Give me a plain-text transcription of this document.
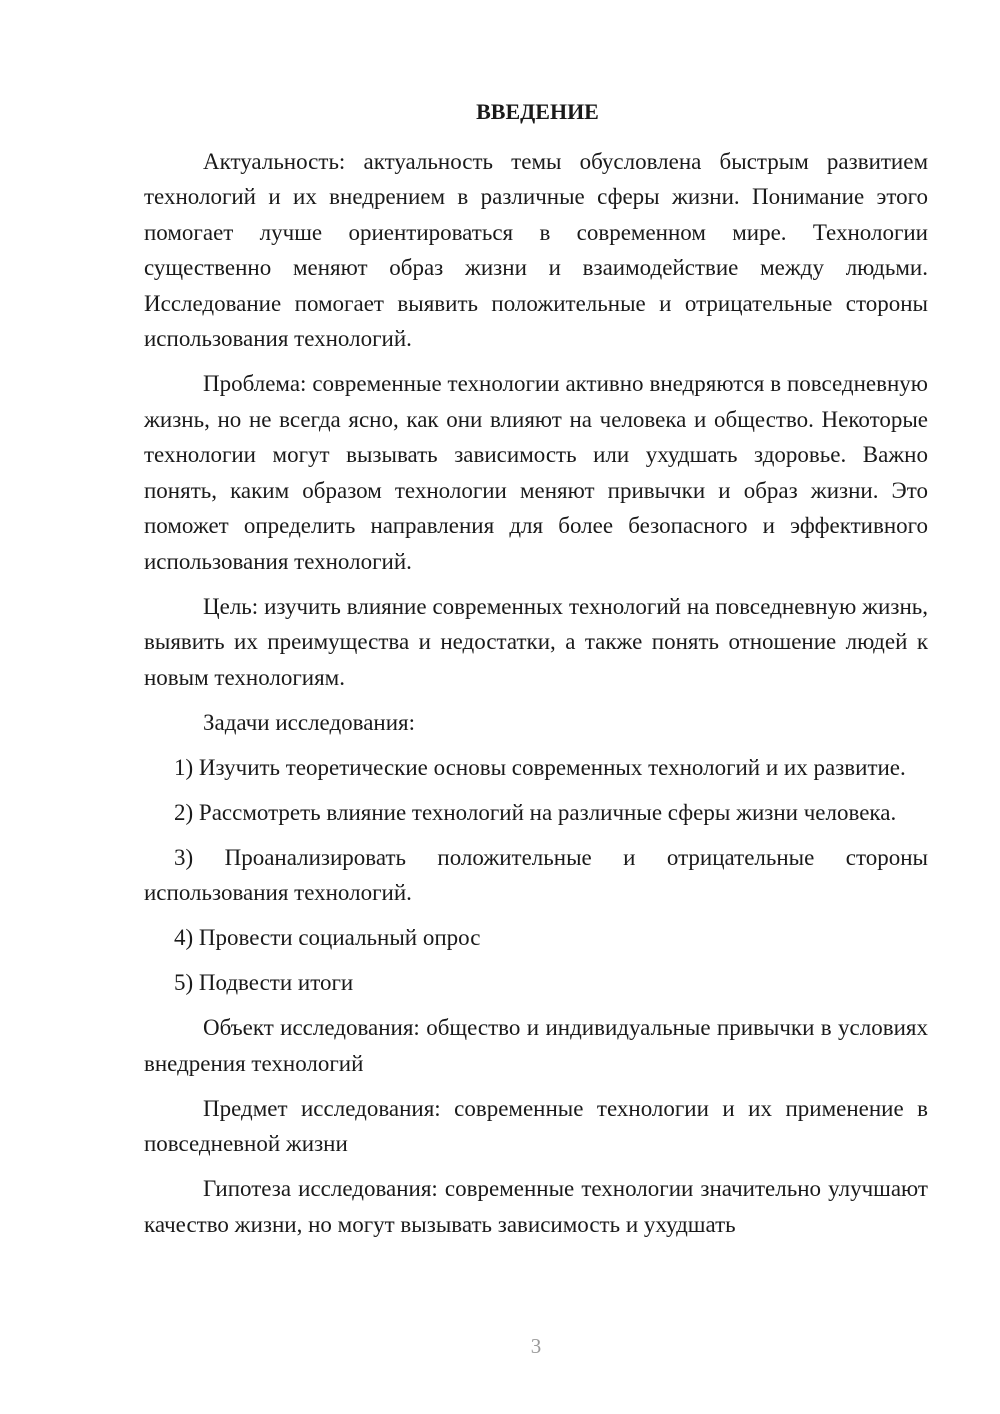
ВВЕДЕНИЕ

Актуальность: актуальность темы обусловлена быстрым развитием технологий и их внедрением в различные сферы жизни. Понимание этого помогает лучше ориентироваться в современном мире. Технологии существенно меняют образ жизни и взаимодействие между людьми. Исследование помогает выявить положительные и отрицательные стороны использования технологий.

Проблема: современные технологии активно внедряются в повседневную жизнь, но не всегда ясно, как они влияют на человека и общество. Некоторые технологии могут вызывать зависимость или ухудшать здоровье. Важно понять, каким образом технологии меняют привычки и образ жизни. Это поможет определить направления для более безопасного и эффективного использования технологий.

Цель: изучить влияние современных технологий на повседневную жизнь, выявить их преимущества и недостатки, а также понять отношение людей к новым технологиям.

Задачи исследования:

1) Изучить теоретические основы современных технологий и их развитие.

2) Рассмотреть влияние технологий на различные сферы жизни человека.

3) Проанализировать положительные и отрицательные стороны использования технологий.

4) Провести социальный опрос

5) Подвести итоги

Объект исследования: общество и индивидуальные привычки в условиях внедрения технологий

Предмет исследования: современные технологии и их применение в повседневной жизни

Гипотеза исследования: современные технологии значительно улучшают качество жизни, но могут вызывать зависимость и ухудшать

3
